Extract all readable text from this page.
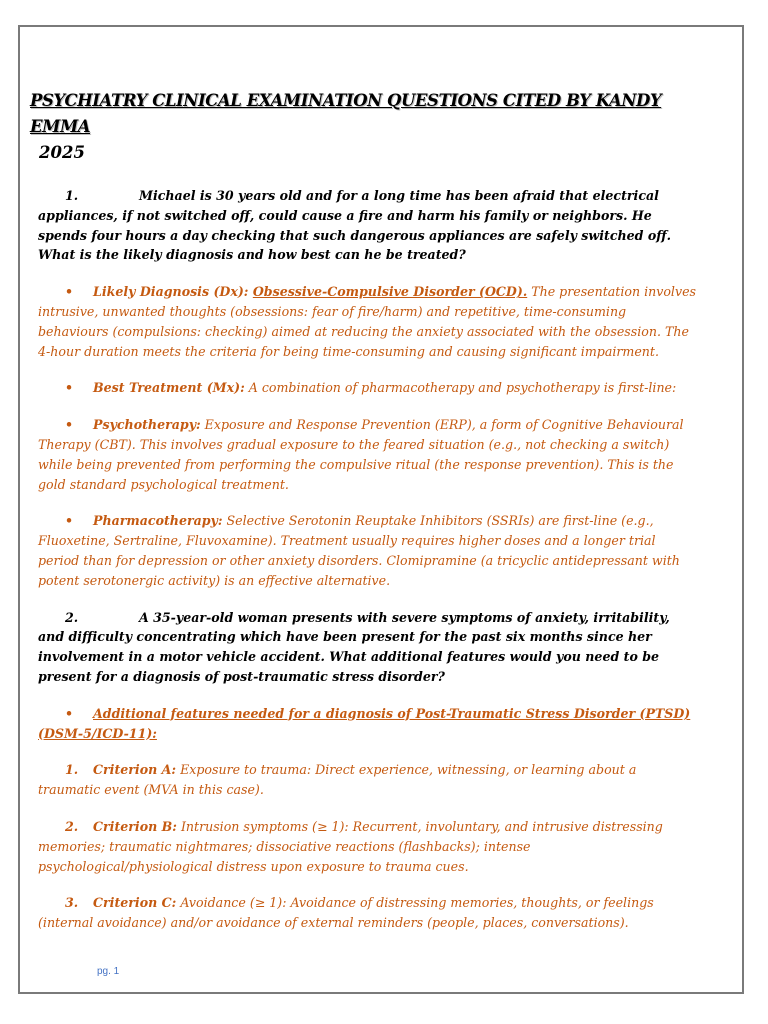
PSYCHIATRY CLINICAL EXAMINATION QUESTIONS CITED BY KANDY EMMA
2025

1.	Michael is 30 years old and for a long time has been afraid that electrical appliances, if not switched off, could cause a fire and harm his family or neighbors. He spends four hours a day checking that such dangerous appliances are safely switched off. What is the likely diagnosis and how best can he be treated?

• Likely Diagnosis (Dx): Obsessive-Compulsive Disorder (OCD). The presentation involves intrusive, unwanted thoughts (obsessions: fear of fire/harm) and repetitive, time-consuming behaviours (compulsions: checking) aimed at reducing the anxiety associated with the obsession. The 4-hour duration meets the criteria for being time-consuming and causing significant impairment.

• Best Treatment (Mx): A combination of pharmacotherapy and psychotherapy is first-line:

• Psychotherapy: Exposure and Response Prevention (ERP), a form of Cognitive Behavioural Therapy (CBT). This involves gradual exposure to the feared situation (e.g., not checking a switch) while being prevented from performing the compulsive ritual (the response prevention). This is the gold standard psychological treatment.

• Pharmacotherapy: Selective Serotonin Reuptake Inhibitors (SSRIs) are first-line (e.g., Fluoxetine, Sertraline, Fluvoxamine). Treatment usually requires higher doses and a longer trial period than for depression or other anxiety disorders. Clomipramine (a tricyclic antidepressant with potent serotonergic activity) is an effective alternative.

2.	A 35-year-old woman presents with severe symptoms of anxiety, irritability, and difficulty concentrating which have been present for the past six months since her involvement in a motor vehicle accident. What additional features would you need to be present for a diagnosis of post-traumatic stress disorder?

• Additional features needed for a diagnosis of Post-Traumatic Stress Disorder (PTSD) (DSM-5/ICD-11):

1. Criterion A: Exposure to trauma: Direct experience, witnessing, or learning about a traumatic event (MVA in this case).

2. Criterion B: Intrusion symptoms (≥ 1): Recurrent, involuntary, and intrusive distressing memories; traumatic nightmares; dissociative reactions (flashbacks); intense psychological/physiological distress upon exposure to trauma cues.

3. Criterion C: Avoidance (≥ 1): Avoidance of distressing memories, thoughts, or feelings (internal avoidance) and/or avoidance of external reminders (people, places, conversations).

pg. 1
